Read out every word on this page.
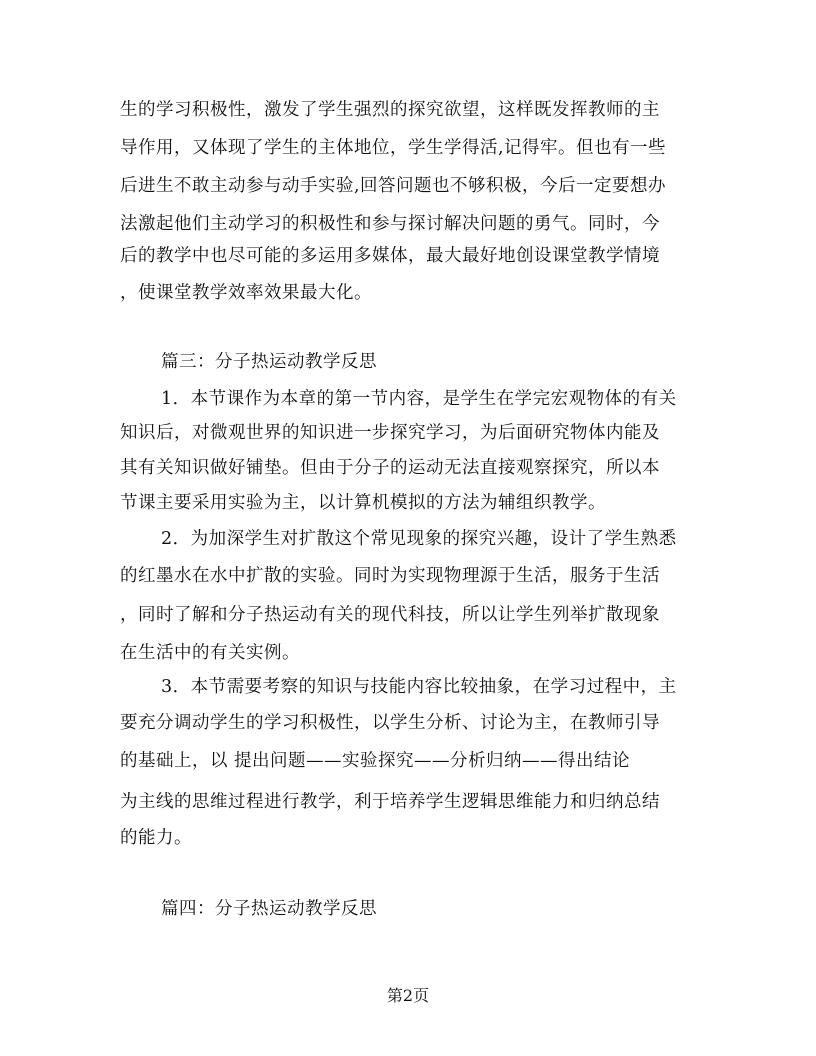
生的学习积极性，激发了学生强烈的探究欲望，这样既发挥教师的主
导作用，又体现了学生的主体地位，学生学得活,记得牢。但也有一些
后进生不敢主动参与动手实验,回答问题也不够积极，今后一定要想办
法激起他们主动学习的积极性和参与探讨解决问题的勇气。同时，今
后的教学中也尽可能的多运用多媒体，最大最好地创设课堂教学情境
，使课堂教学效率效果最大化。
篇三：分子热运动教学反思
1．本节课作为本章的第一节内容，是学生在学完宏观物体的有关
知识后，对微观世界的知识进一步探究学习，为后面研究物体内能及
其有关知识做好铺垫。但由于分子的运动无法直接观察探究，所以本
节课主要采用实验为主，以计算机模拟的方法为辅组织教学。
2．为加深学生对扩散这个常见现象的探究兴趣，设计了学生熟悉
的红墨水在水中扩散的实验。同时为实现物理源于生活，服务于生活
，同时了解和分子热运动有关的现代科技，所以让学生列举扩散现象
在生活中的有关实例。
3．本节需要考察的知识与技能内容比较抽象，在学习过程中，主
要充分调动学生的学习积极性，以学生分析、讨论为主，在教师引导
的基础上，以 提出问题——实验探究——分析归纳——得出结论
为主线的思维过程进行教学，利于培养学生逻辑思维能力和归纳总结
的能力。
篇四：分子热运动教学反思
第2页
